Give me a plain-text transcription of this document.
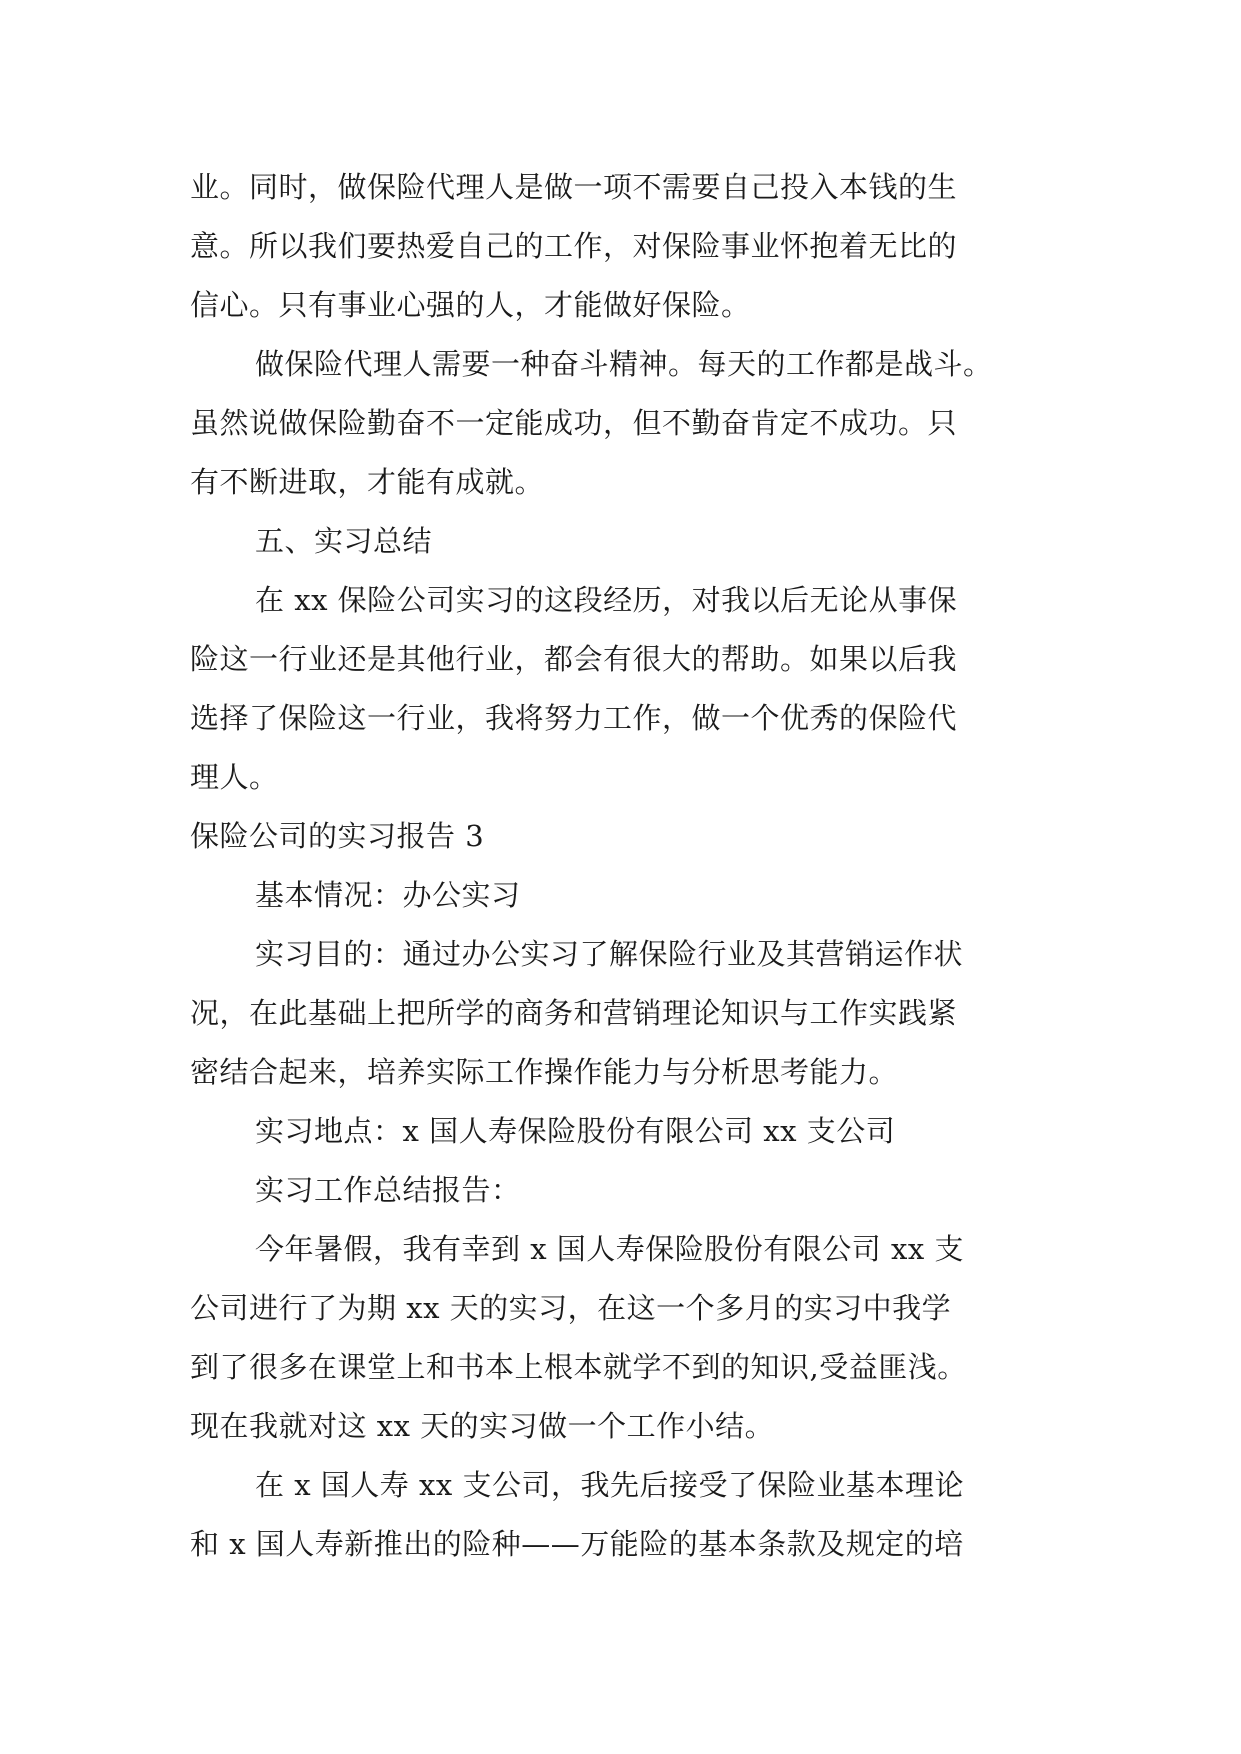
业。同时，做保险代理人是做一项不需要自己投入本钱的生
意。所以我们要热爱自己的工作，对保险事业怀抱着无比的
信心。只有事业心强的人，才能做好保险。
做保险代理人需要一种奋斗精神。每天的工作都是战斗。
虽然说做保险勤奋不一定能成功，但不勤奋肯定不成功。只
有不断进取，才能有成就。
五、实习总结
在 xx 保险公司实习的这段经历，对我以后无论从事保
险这一行业还是其他行业，都会有很大的帮助。如果以后我
选择了保险这一行业，我将努力工作，做一个优秀的保险代
理人。
保险公司的实习报告 3
基本情况：办公实习
实习目的：通过办公实习了解保险行业及其营销运作状
况，在此基础上把所学的商务和营销理论知识与工作实践紧
密结合起来，培养实际工作操作能力与分析思考能力。
实习地点：x 国人寿保险股份有限公司 xx 支公司
实习工作总结报告：
今年暑假，我有幸到 x 国人寿保险股份有限公司 xx 支
公司进行了为期 xx 天的实习，在这一个多月的实习中我学
到了很多在课堂上和书本上根本就学不到的知识,受益匪浅。
现在我就对这 xx 天的实习做一个工作小结。
在 x 国人寿 xx 支公司，我先后接受了保险业基本理论
和 x 国人寿新推出的险种——万能险的基本条款及规定的培
